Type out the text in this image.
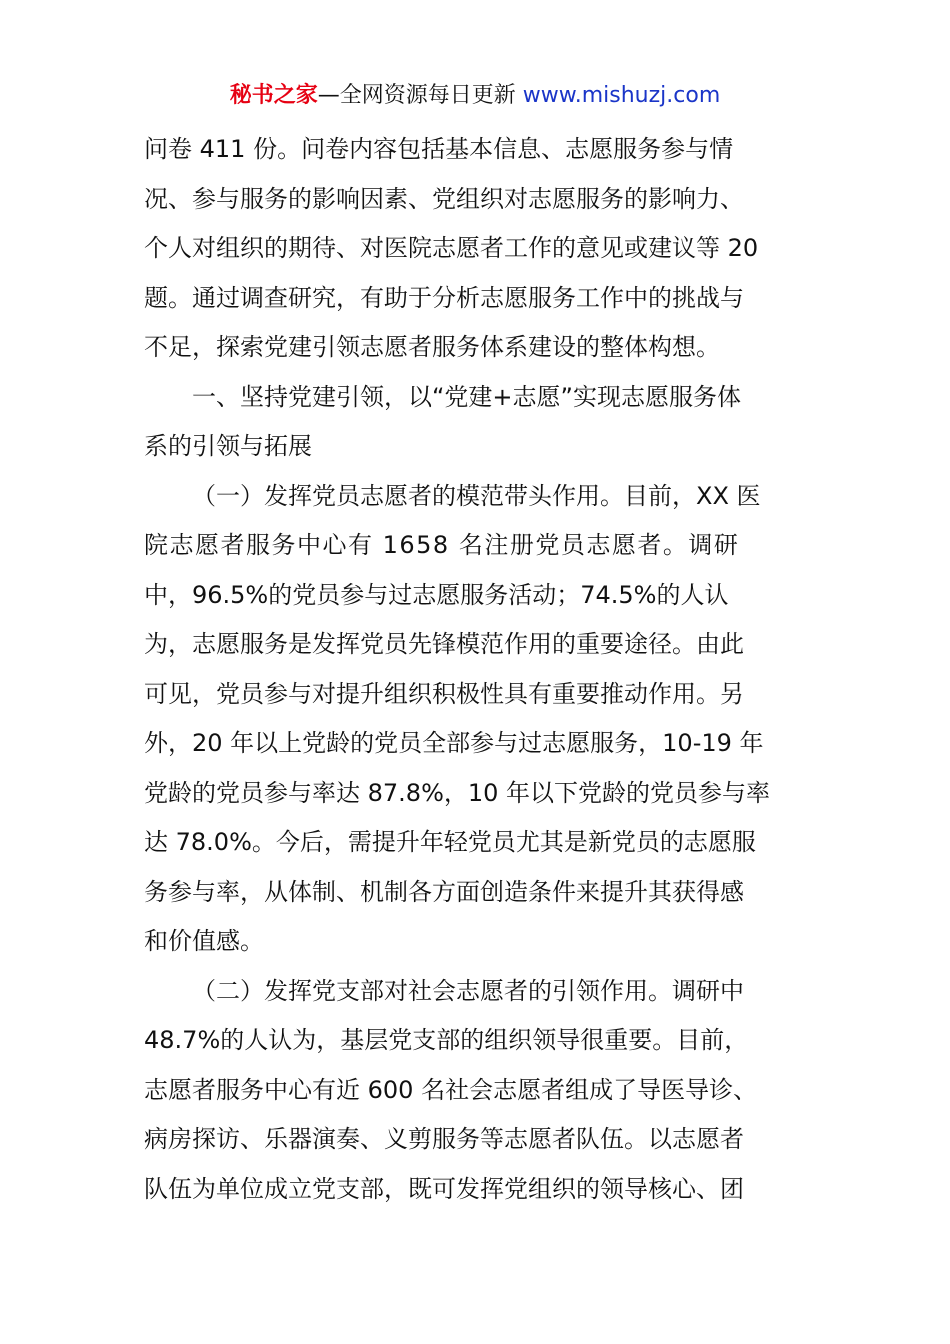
秘书之家—全网资源每日更新 www.mishuzj.com
问卷 411 份。问卷内容包括基本信息、志愿服务参与情
况、参与服务的影响因素、党组织对志愿服务的影响力、
个人对组织的期待、对医院志愿者工作的意见或建议等 20
题。通过调查研究，有助于分析志愿服务工作中的挑战与
不足，探索党建引领志愿者服务体系建设的整体构想。
一、坚持党建引领，以“党建+志愿”实现志愿服务体
系的引领与拓展
（一）发挥党员志愿者的模范带头作用。目前，XX 医
院志愿者服务中心有 1658 名注册党员志愿者。调研
中，96.5%的党员参与过志愿服务活动；74.5%的人认
为，志愿服务是发挥党员先锋模范作用的重要途径。由此
可见，党员参与对提升组织积极性具有重要推动作用。另
外，20 年以上党龄的党员全部参与过志愿服务，10-19 年
党龄的党员参与率达 87.8%，10 年以下党龄的党员参与率
达 78.0%。今后，需提升年轻党员尤其是新党员的志愿服
务参与率，从体制、机制各方面创造条件来提升其获得感
和价值感。
（二）发挥党支部对社会志愿者的引领作用。调研中
48.7%的人认为，基层党支部的组织领导很重要。目前，
志愿者服务中心有近 600 名社会志愿者组成了导医导诊、
病房探访、乐器演奏、义剪服务等志愿者队伍。以志愿者
队伍为单位成立党支部，既可发挥党组织的领导核心、团
